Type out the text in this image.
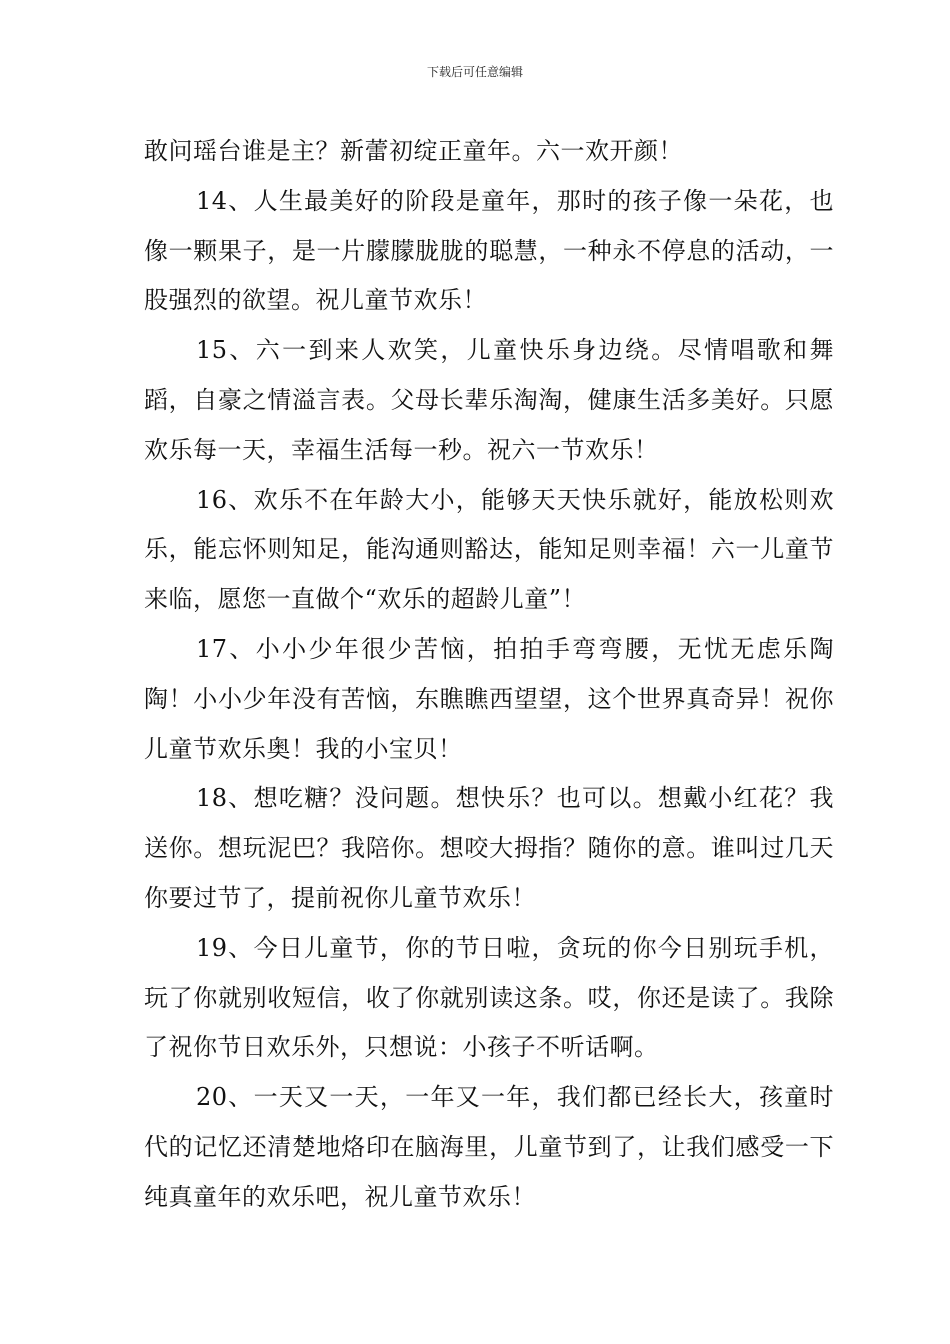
下载后可任意编辑

敢问瑶台谁是主？新蕾初绽正童年。六一欢开颜！

14、人生最美好的阶段是童年，那时的孩子像一朵花，也像一颗果子，是一片朦朦胧胧的聪慧，一种永不停息的活动，一股强烈的欲望。祝儿童节欢乐！

15、六一到来人欢笑，儿童快乐身边绕。尽情唱歌和舞蹈，自豪之情溢言表。父母长辈乐淘淘，健康生活多美好。只愿欢乐每一天，幸福生活每一秒。祝六一节欢乐！

16、欢乐不在年龄大小，能够天天快乐就好，能放松则欢乐，能忘怀则知足，能沟通则豁达，能知足则幸福！六一儿童节来临，愿您一直做个“欢乐的超龄儿童”！

17、小小少年很少苦恼，拍拍手弯弯腰，无忧无虑乐陶陶！小小少年没有苦恼，东瞧瞧西望望，这个世界真奇异！祝你儿童节欢乐奥！我的小宝贝！

18、想吃糖？没问题。想快乐？也可以。想戴小红花？我送你。想玩泥巴？我陪你。想咬大拇指？随你的意。谁叫过几天你要过节了，提前祝你儿童节欢乐！

19、今日儿童节，你的节日啦，贪玩的你今日别玩手机，玩了你就别收短信，收了你就别读这条。哎，你还是读了。我除了祝你节日欢乐外，只想说：小孩子不听话啊。

20、一天又一天，一年又一年，我们都已经长大，孩童时代的记忆还清楚地烙印在脑海里，儿童节到了，让我们感受一下纯真童年的欢乐吧，祝儿童节欢乐！
